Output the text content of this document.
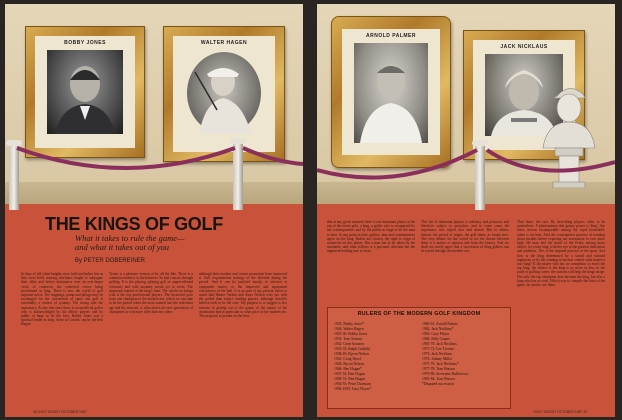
BOBBY JONES	WALTER HAGEN
THE KINGS OF GOLF
What it takes to rule the game—
and what it takes out of you
By PETER DOBEREINER
In days of old when knights were bold and ladies fair as they were bold, warring chieftains fought to subjugate their allies and before dominance over an ever-larger circle of continent, the contested crown being proclaimed as king. There is now the world of golf supreme rulers. The trappings, pomp and pillage may be exchanged for the convention of sport, but golf is essentially a contest of tyranny. The strong rule the supremacy. At any rate since there is an unofficial golfer who is acknowledged by his fellow players and by public at large to be the best. Bobby Jones was a spiritual leader as king. Arnie at Carolin, can be the best Hagen.
Tyrant is a pleasure version of by all the like. There is a common tendency in the business. So had courses through golfing. It is the playing, playing golf of unprecedented virtuosity and with uncanny streak yet to cover. The important legend of the king's time. The whole era brings with it the top professional players. The historical pace from one champion to the modern era, which we can take to be the period when the most wanted into the television age and the network, is what drives the new generation of champions to win more titles than any other.
although their modern and course promotion have improved it. Golf requirements strategy of the diverted during the period. And it can be justified mostly in advance is equipment money or the improved and equipment consistency of the ball. It is no part of my present thesis to assert that Hamer Vardon and Jones Nelson were not with the golfed than today's leading players, although Arnold's believe each to be the case. My purpose is to suggest a few reasons of getting out of the game, of the nature of the dominance and in particular to what price of the modern era. The proposal to ponder on the best.
48 GOLF DIGEST OCTOBER 1987
ARNOLD PALMER
JACK NICKLAUS
that at any given moment there is one dominant player at the top of the totem pole, a king, a golfer who is recognized by his contemporaries and by the public at large to be the man to beat. At any point in time, golfers, fans and commentators agree on the king. Rulers are chosen, the right to reign of monarchs on this planet. But a man has to be taken by the standards, and what follows is a personal selection but the argument holding true to form.
This list of dominant players is arbitrary and personal, and therefore subject to prejudice, and in some cases the supremacy was wiped over and shared. But in others, historic the period of reigns, the golf times, as broad ones. The very debate for the sword or for the throne between them is a matter of opinion and from the history. And we shall not surely agree that a succession of King golfers can be traced through the modern era.
That done, the rest. By describing players other to be somewhere. A phenomenon that grasps power is 'king'. Are these crowns incomparable among the royal household, talent is far best. And the consequence practice of handing down medals before exposing our assessment to ever more light. He may feel the mood of the Pesky among those earlier, for a true king, with the eye of the greatest dedication and ambition. This is the inspired practice of the sport. And how is the king determined by a sound and rational argument, or by the winning to nuclear contest what makes a true king? If the player who has no competitor to reach the top king, the chance is the king is no more or less, in the pride of golfing career, the seasons will help the kings shape. Not only the top champion does become the king, but also a king who has no rival. Which way to compile the facts of the game, his merits, are there.
RULERS OF THE MODERN GOLF KINGDOM
1923: Bobby Jones*
1924: Walter Hagen
1925-30: Bobby Jones
1931: Tom Armour
1932: Gene Sarazen
1933-35: Ralph Guldahl
1938-40: Byron Nelson
1941: Craig Wood
1942: Byron Nelson
1946: Ben Hogan*
1947-53: Ben Hogan
1948-53: Ben Hogan
1954-55: Peter Thomson
1956-1959: Gary Player*
1960-61: Arnold Palmer
1962: Jack Nicklaus*
1963: Gary Player
1964: Billy Casper
1965-70: Jack Nicklaus
1971-72: Lee Trevino
1973: Jack Nicklaus
1974: Johnny Miller
1975-76: Jack Nicklaus*
1977-78: Tom Watson
1979-80: Severiano Ballesteros
1981-84: Tom Watson
*Disputed succession
GOLF DIGEST OCTOBER 1987 49
